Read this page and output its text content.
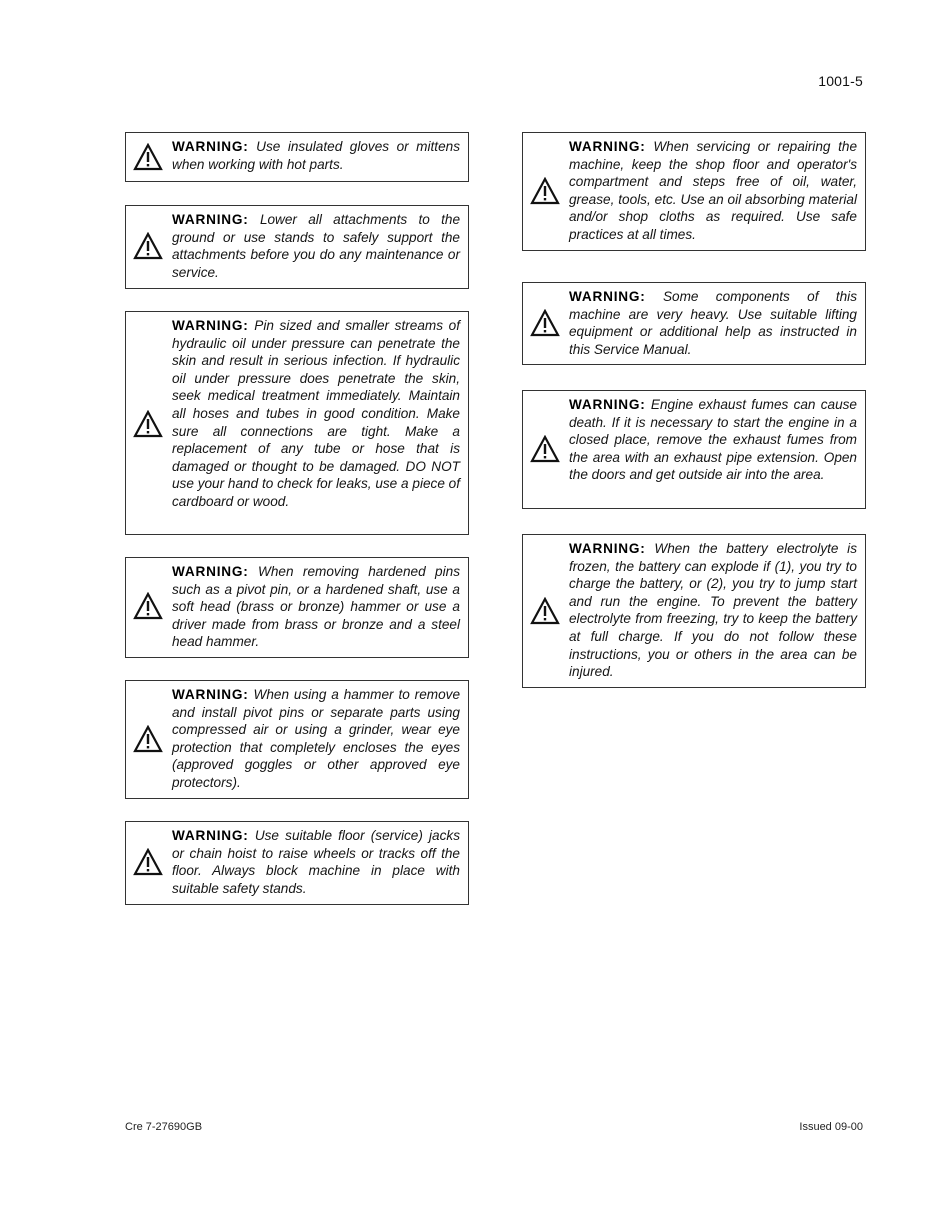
1001-5
WARNING: Use insulated gloves or mittens when working with hot parts.
WARNING: Lower all attachments to the ground or use stands to safely support the attachments before you do any maintenance or service.
WARNING: Pin sized and smaller streams of hydraulic oil under pressure can penetrate the skin and result in serious infection. If hydraulic oil under pressure does penetrate the skin, seek medical treatment immediately. Maintain all hoses and tubes in good condition. Make sure all connections are tight. Make a replacement of any tube or hose that is damaged or thought to be damaged. DO NOT use your hand to check for leaks, use a piece of cardboard or wood.
WARNING: When removing hardened pins such as a pivot pin, or a hardened shaft, use a soft head (brass or bronze) hammer or use a driver made from brass or bronze and a steel head hammer.
WARNING: When using a hammer to remove and install pivot pins or separate parts using compressed air or using a grinder, wear eye protection that completely encloses the eyes (approved goggles or other approved eye protectors).
WARNING: Use suitable floor (service) jacks or chain hoist to raise wheels or tracks off the floor. Always block machine in place with suitable safety stands.
WARNING: When servicing or repairing the machine, keep the shop floor and operator's compartment and steps free of oil, water, grease, tools, etc. Use an oil absorbing material and/or shop cloths as required. Use safe practices at all times.
WARNING: Some components of this machine are very heavy. Use suitable lifting equipment or additional help as instructed in this Service Manual.
WARNING: Engine exhaust fumes can cause death. If it is necessary to start the engine in a closed place, remove the exhaust fumes from the area with an exhaust pipe extension. Open the doors and get outside air into the area.
WARNING: When the battery electrolyte is frozen, the battery can explode if (1), you try to charge the battery, or (2), you try to jump start and run the engine. To prevent the battery electrolyte from freezing, try to keep the battery at full charge. If you do not follow these instructions, you or others in the area can be injured.
Cre 7-27690GB	Issued 09-00
